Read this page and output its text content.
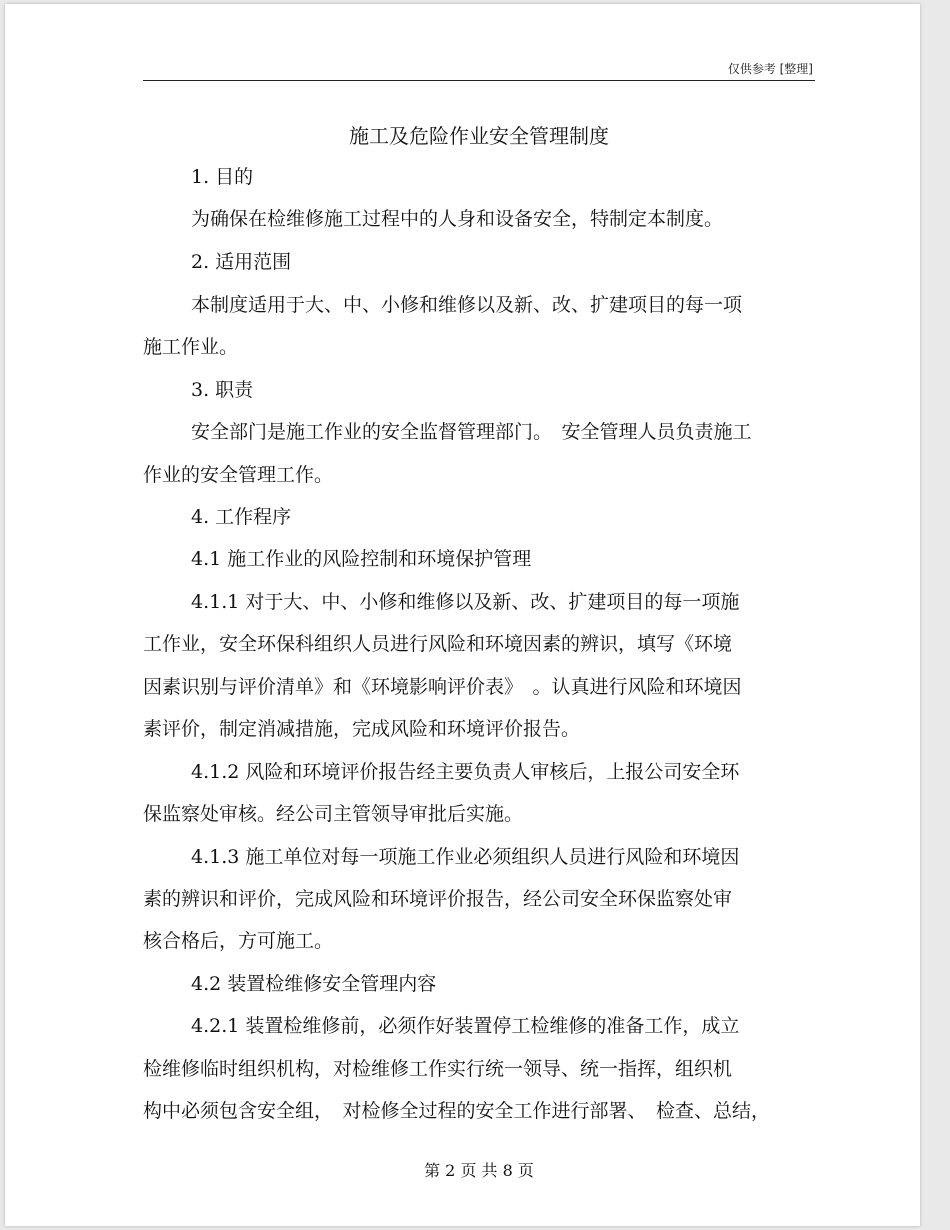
仅供参考 [整理]
施工及危险作业安全管理制度
1. 目的
为确保在检维修施工过程中的人身和设备安全，特制定本制度。
2. 适用范围
本制度适用于大、中、小修和维修以及新、改、扩建项目的每一项
施工作业。
3. 职责
安全部门是施工作业的安全监督管理部门。　安全管理人员负责施工
作业的安全管理工作。
4. 工作程序
4.1 施工作业的风险控制和环境保护管理
4.1.1 对于大、中、小修和维修以及新、改、扩建项目的每一项施
工作业，安全环保科组织人员进行风险和环境因素的辨识，填写《环境
因素识别与评价清单》和《环境影响评价表》　。认真进行风险和环境因
素评价，制定消减措施，完成风险和环境评价报告。
4.1.2 风险和环境评价报告经主要负责人审核后，上报公司安全环
保监察处审核。经公司主管领导审批后实施。
4.1.3 施工单位对每一项施工作业必须组织人员进行风险和环境因
素的辨识和评价，完成风险和环境评价报告，经公司安全环保监察处审
核合格后，方可施工。
4.2 装置检维修安全管理内容
4.2.1 装置检维修前，必须作好装置停工检维修的准备工作，成立
检维修临时组织机构，对检维修工作实行统一领导、统一指挥，组织机
构中必须包含安全组，　对检修全过程的安全工作进行部署、　检查、总结，
第 2 页 共 8 页
